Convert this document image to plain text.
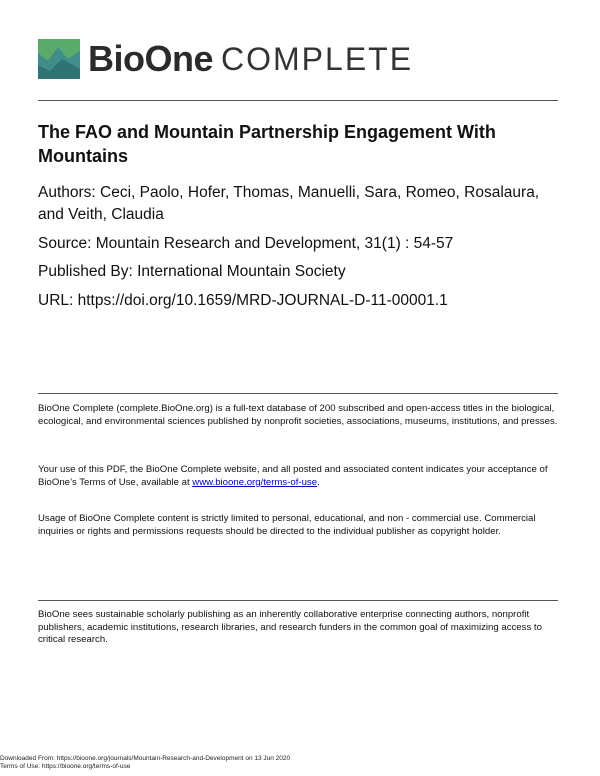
BioOne COMPLETE
The FAO and Mountain Partnership Engagement With Mountains
Authors: Ceci, Paolo, Hofer, Thomas, Manuelli, Sara, Romeo, Rosalaura, and Veith, Claudia
Source: Mountain Research and Development, 31(1) : 54-57
Published By: International Mountain Society
URL: https://doi.org/10.1659/MRD-JOURNAL-D-11-00001.1
BioOne Complete (complete.BioOne.org) is a full-text database of 200 subscribed and open-access titles in the biological, ecological, and environmental sciences published by nonprofit societies, associations, museums, institutions, and presses.
Your use of this PDF, the BioOne Complete website, and all posted and associated content indicates your acceptance of BioOne’s Terms of Use, available at www.bioone.org/terms-of-use.
Usage of BioOne Complete content is strictly limited to personal, educational, and non - commercial use. Commercial inquiries or rights and permissions requests should be directed to the individual publisher as copyright holder.
BioOne sees sustainable scholarly publishing as an inherently collaborative enterprise connecting authors, nonprofit publishers, academic institutions, research libraries, and research funders in the common goal of maximizing access to critical research.
Downloaded From: https://bioone.org/journals/Mountain-Research-and-Development on 13 Jun 2020
Terms of Use: https://bioone.org/terms-of-use
